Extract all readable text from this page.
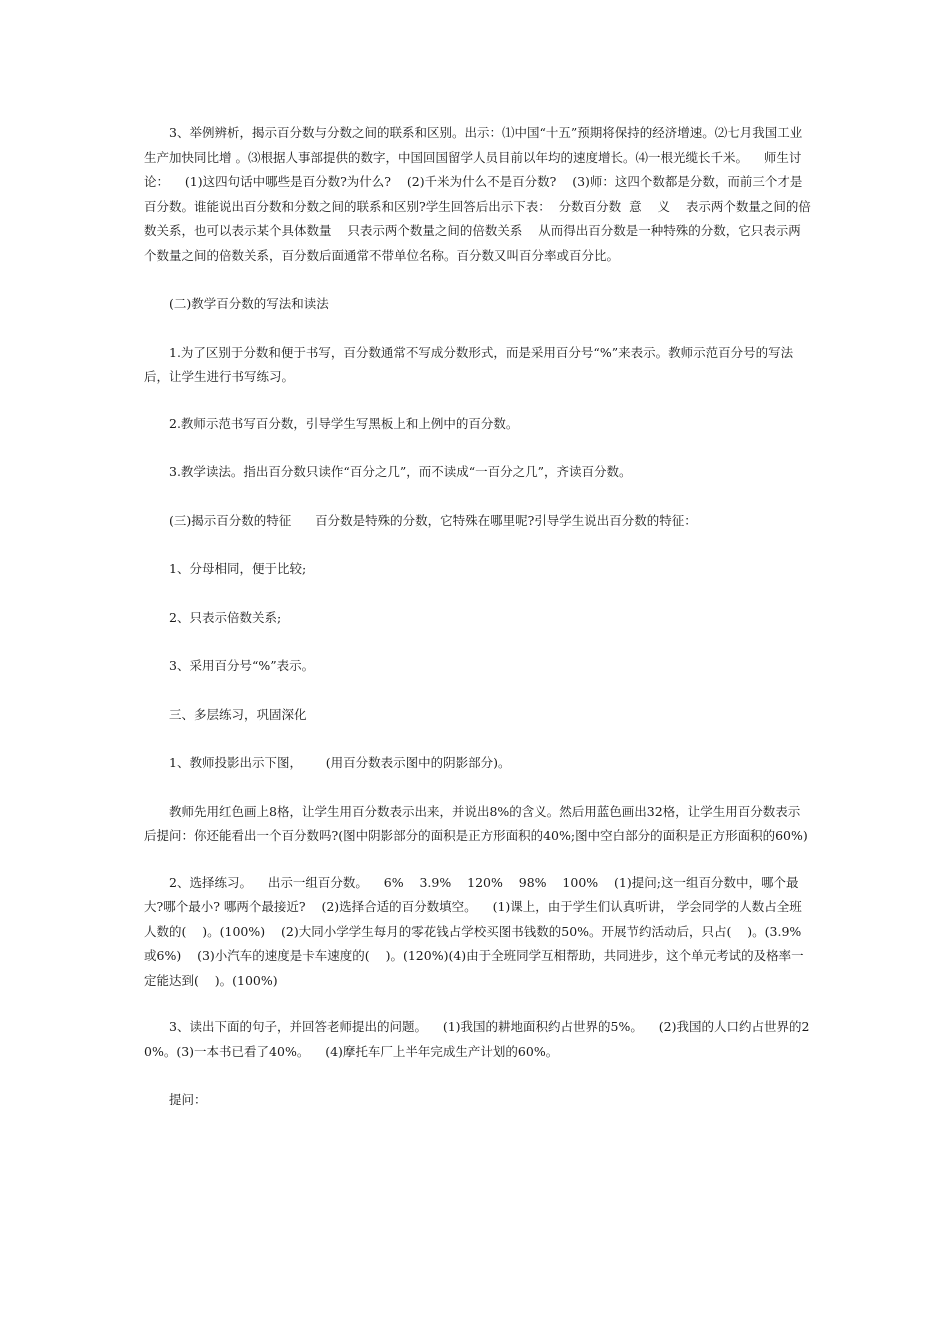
3、举例辨析，揭示百分数与分数之间的联系和区别。出示：⑴中国“十五”预期将保持的经济增速。⑵七月我国工业生产加快同比增 。⑶根据人事部提供的数字，中国回国留学人员目前以年均的速度增长。⑷一根光缆长千米。    师生讨论：    (1)这四句话中哪些是百分数?为什么?    (2)千米为什么不是百分数?    (3)师：这四个数都是分数，而前三个才是百分数。谁能说出百分数和分数之间的联系和区别?学生回答后出示下表：  分数百分数  意    义    表示两个数量之间的倍数关系，也可以表示某个具体数量    只表示两个数量之间的倍数关系    从而得出百分数是一种特殊的分数，它只表示两个数量之间的倍数关系，百分数后面通常不带单位名称。百分数又叫百分率或百分比。

(二)教学百分数的写法和读法

1.为了区别于分数和便于书写，百分数通常不写成分数形式，而是采用百分号“%”来表示。教师示范百分号的写法后，让学生进行书写练习。

2.教师示范书写百分数，引导学生写黑板上和上例中的百分数。

3.教学读法。指出百分数只读作“百分之几”，而不读成“一百分之几”，齐读百分数。

(三)揭示百分数的特征      百分数是特殊的分数，它特殊在哪里呢?引导学生说出百分数的特征：

1、分母相同，便于比较;

2、只表示倍数关系;

3、采用百分号“%”表示。

三、多层练习，巩固深化

1、教师投影出示下图，      (用百分数表示图中的阴影部分)。

教师先用红色画上8格，让学生用百分数表示出来，并说出8%的含义。然后用蓝色画出32格，让学生用百分数表示后提问：你还能看出一个百分数吗?(图中阴影部分的面积是正方形面积的40%;图中空白部分的面积是正方形面积的60%)

2、选择练习。    出示一组百分数。    6%    3.9%    120%    98%    100%    (1)提问;这一组百分数中，哪个最大?哪个最小? 哪两个最接近?    (2)选择合适的百分数填空。    (1)课上，由于学生们认真听讲， 学会同学的人数占全班人数的(    )。(100%)    (2)大同小学学生每月的零花钱占学校买图书钱数的50%。开展节约活动后，只占(    )。(3.9%或6%)    (3)小汽车的速度是卡车速度的(    )。(120%)(4)由于全班同学互相帮助，共同进步，这个单元考试的及格率一定能达到(    )。(100%)

3、读出下面的句子，并回答老师提出的问题。    (1)我国的耕地面积约占世界的5%。    (2)我国的人口约占世界的20%。(3)一本书已看了40%。    (4)摩托车厂上半年完成生产计划的60%。

提问：
